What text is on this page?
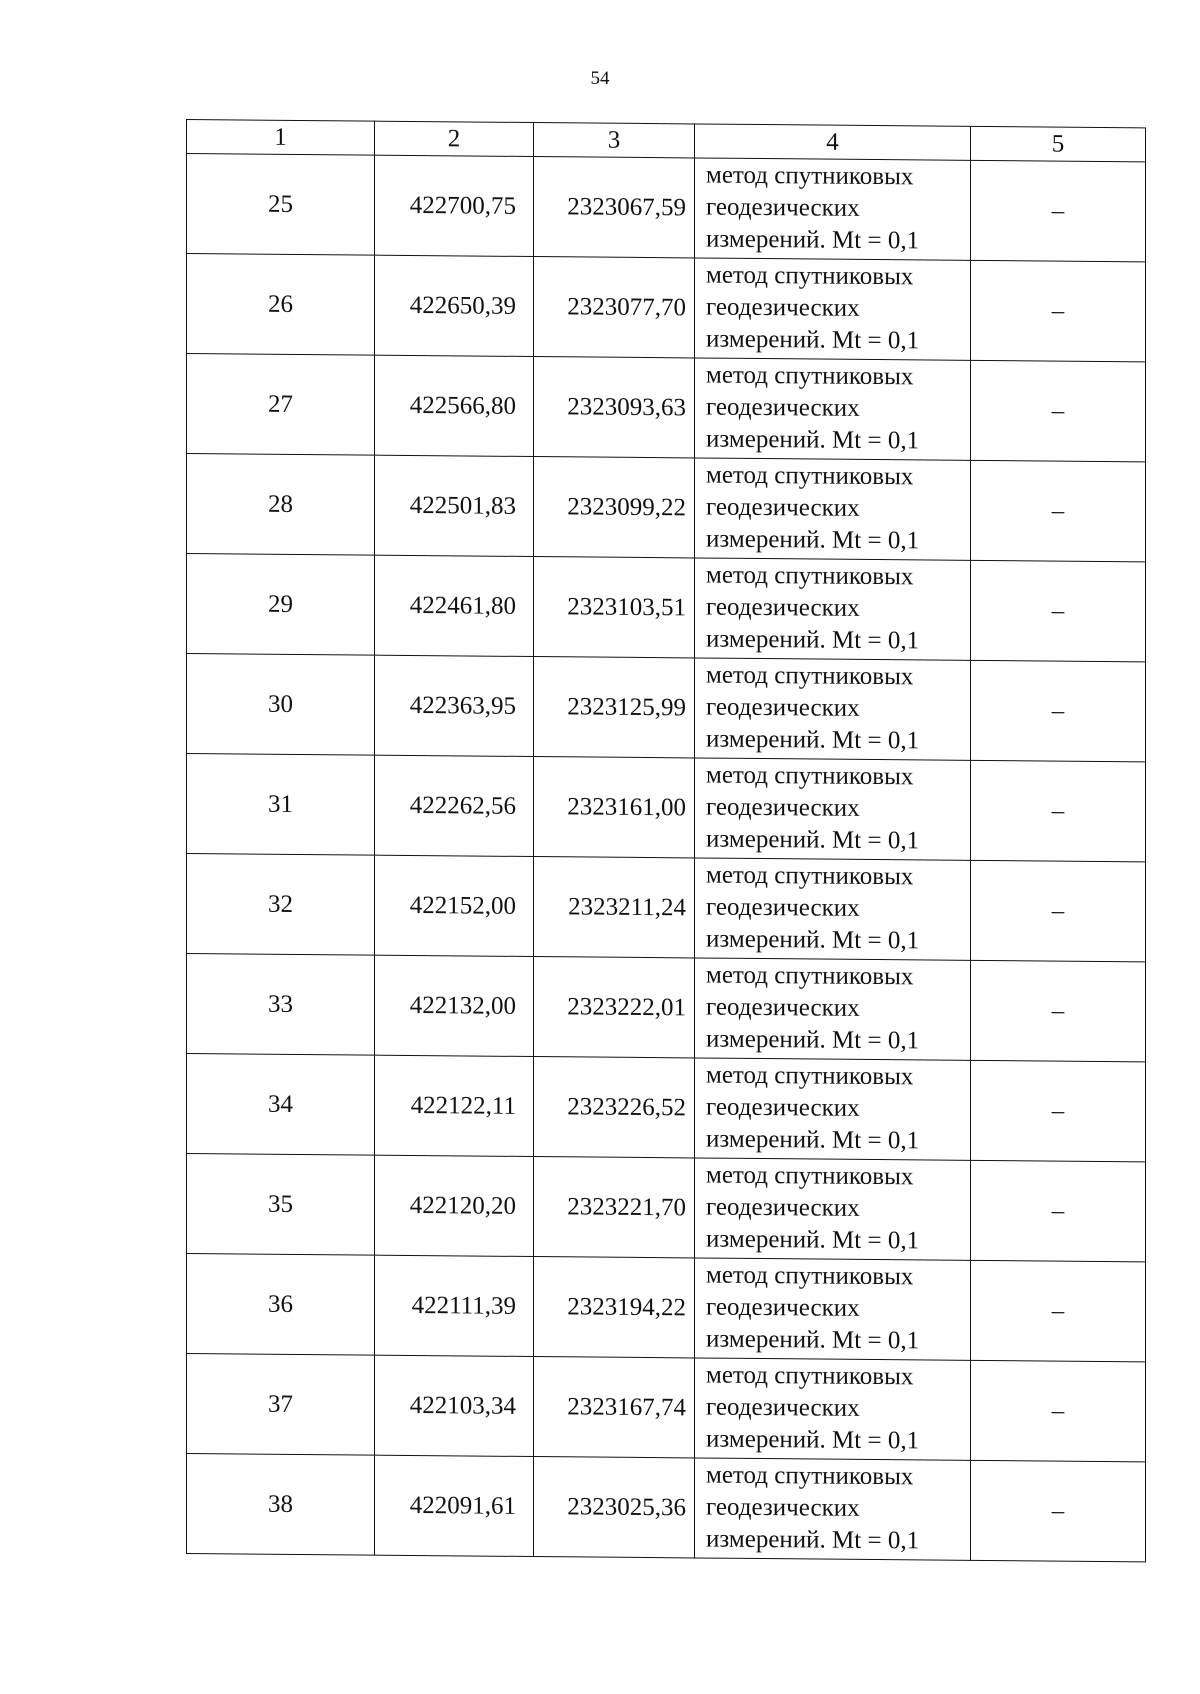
54
1	2	3	4	5
25	422700,75	2323067,59	метод спутниковых
геодезических
измерений. Mt = 0,1	–
26	422650,39	2323077,70	метод спутниковых
геодезических
измерений. Mt = 0,1	–
27	422566,80	2323093,63	метод спутниковых
геодезических
измерений. Mt = 0,1	–
28	422501,83	2323099,22	метод спутниковых
геодезических
измерений. Mt = 0,1	–
29	422461,80	2323103,51	метод спутниковых
геодезических
измерений. Mt = 0,1	–
30	422363,95	2323125,99	метод спутниковых
геодезических
измерений. Mt = 0,1	–
31	422262,56	2323161,00	метод спутниковых
геодезических
измерений. Mt = 0,1	–
32	422152,00	2323211,24	метод спутниковых
геодезических
измерений. Mt = 0,1	–
33	422132,00	2323222,01	метод спутниковых
геодезических
измерений. Mt = 0,1	–
34	422122,11	2323226,52	метод спутниковых
геодезических
измерений. Mt = 0,1	–
35	422120,20	2323221,70	метод спутниковых
геодезических
измерений. Mt = 0,1	–
36	422111,39	2323194,22	метод спутниковых
геодезических
измерений. Mt = 0,1	–
37	422103,34	2323167,74	метод спутниковых
геодезических
измерений. Mt = 0,1	–
38	422091,61	2323025,36	метод спутниковых
геодезических
измерений. Mt = 0,1	–
